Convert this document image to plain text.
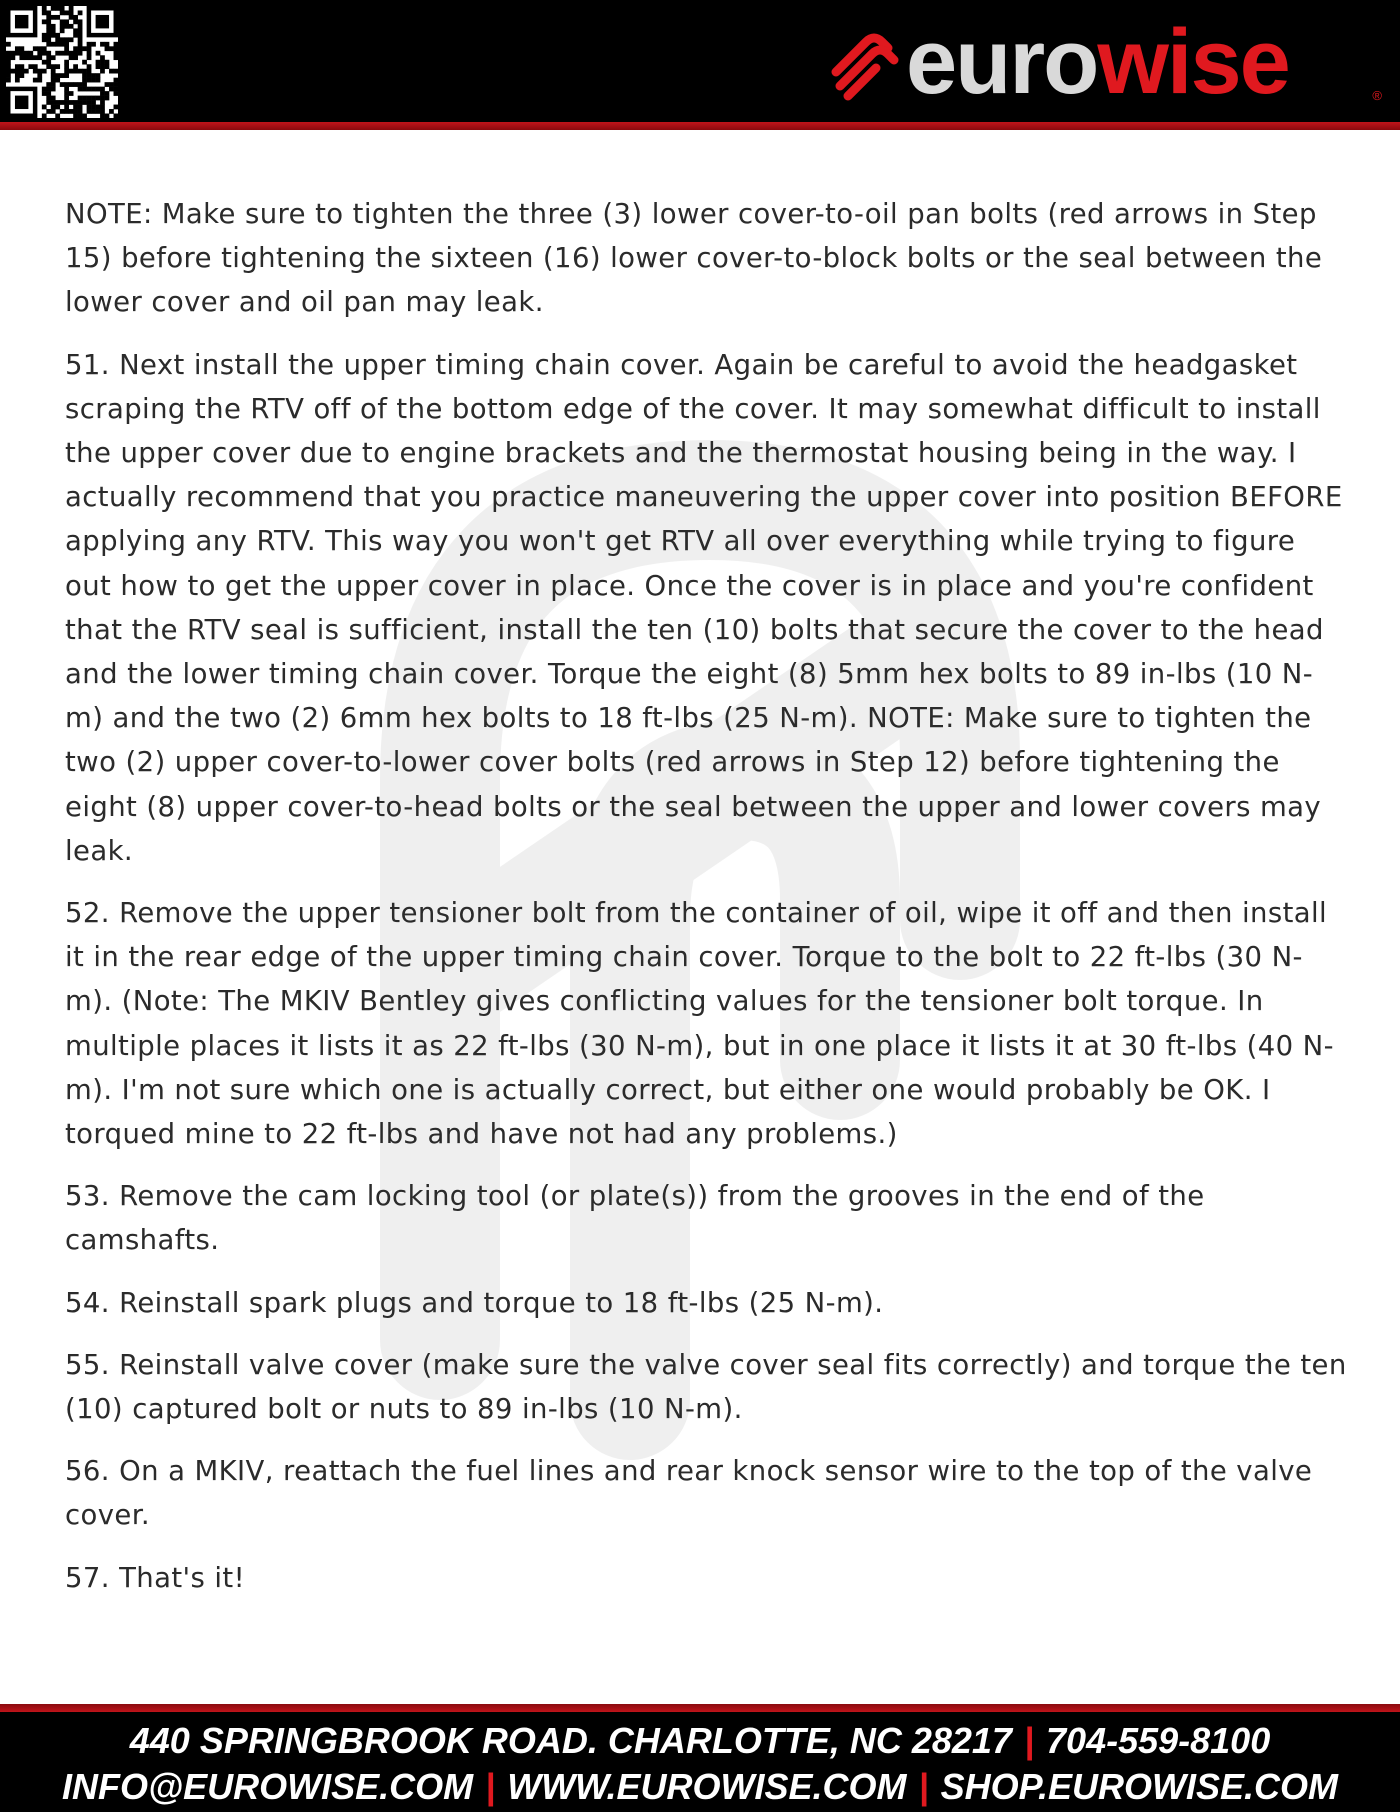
eurowise	®

NOTE: Make sure to tighten the three (3) lower cover-to-oil pan bolts (red arrows in Step 15) before tightening the sixteen (16) lower cover-to-block bolts or the seal between the lower cover and oil pan may leak.

51. Next install the upper timing chain cover. Again be careful to avoid the headgasket scraping the RTV off of the bottom edge of the cover. It may somewhat difficult to install the upper cover due to engine brackets and the thermostat housing being in the way. I actually recommend that you practice maneuvering the upper cover into position BEFORE applying any RTV. This way you won't get RTV all over everything while trying to figure out how to get the upper cover in place. Once the cover is in place and you're confident that the RTV seal is sufficient, install the ten (10) bolts that secure the cover to the head and the lower timing chain cover. Torque the eight (8) 5mm hex bolts to 89 in-lbs (10 N-m) and the two (2) 6mm hex bolts to 18 ft-lbs (25 N-m). NOTE: Make sure to tighten the two (2) upper cover-to-lower cover bolts (red arrows in Step 12) before tightening the eight (8) upper cover-to-head bolts or the seal between the upper and lower covers may leak.

52. Remove the upper tensioner bolt from the container of oil, wipe it off and then install it in the rear edge of the upper timing chain cover. Torque to the bolt to 22 ft-lbs (30 N-m). (Note: The MKIV Bentley gives conflicting values for the tensioner bolt torque. In multiple places it lists it as 22 ft-lbs (30 N-m), but in one place it lists it at 30 ft-lbs (40 N-m). I'm not sure which one is actually correct, but either one would probably be OK. I torqued mine to 22 ft-lbs and have not had any problems.)

53. Remove the cam locking tool (or plate(s)) from the grooves in the end of the camshafts.

54. Reinstall spark plugs and torque to 18 ft-lbs (25 N-m).

55. Reinstall valve cover (make sure the valve cover seal fits correctly) and torque the ten (10) captured bolt or nuts to 89 in-lbs (10 N-m).

56. On a MKIV, reattach the fuel lines and rear knock sensor wire to the top of the valve cover.

57. That's it!

440 SPRINGBROOK ROAD. CHARLOTTE, NC 28217 | 704-559-8100
INFO@EUROWISE.COM | WWW.EUROWISE.COM | SHOP.EUROWISE.COM
